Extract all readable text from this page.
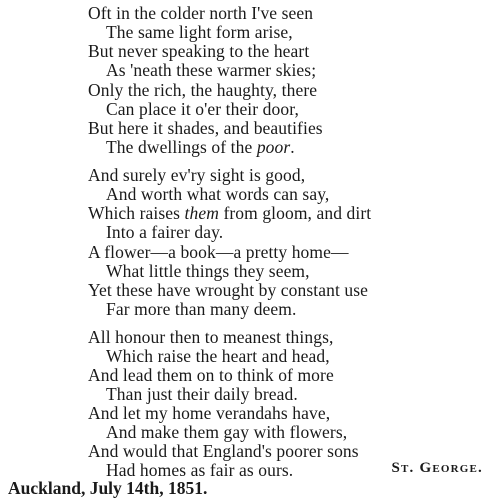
Oft in the colder north I've seen
The same light form arise,
But never speaking to the heart
As 'neath these warmer skies;
Only the rich, the haughty, there
Can place it o'er their door,
But here it shades, and beautifies
The dwellings of the poor.
And surely ev'ry sight is good,
And worth what words can say,
Which raises them from gloom, and dirt
Into a fairer day.
A flower—a book—a pretty home—
What little things they seem,
Yet these have wrought by constant use
Far more than many deem.
All honour then to meanest things,
Which raise the heart and head,
And lead them on to think of more
Than just their daily bread.
And let my home verandahs have,
And make them gay with flowers,
And would that England's poorer sons
Had homes as fair as ours.	St. George.
Auckland, July 14th, 1851.
